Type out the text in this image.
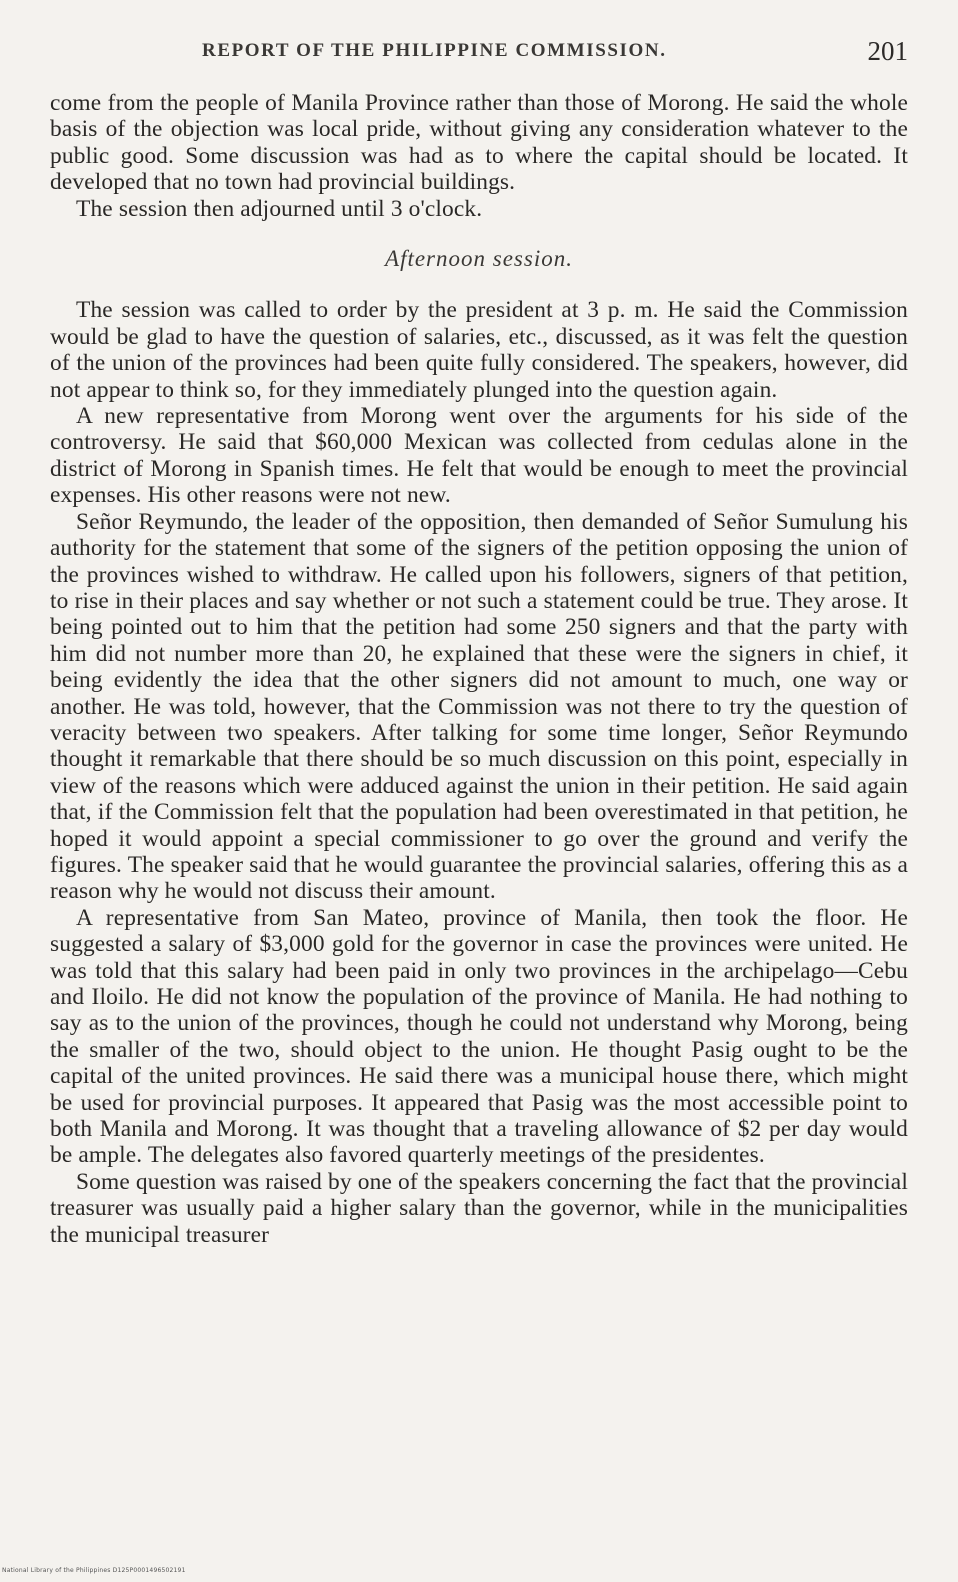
REPORT OF THE PHILIPPINE COMMISSION.	201

come from the people of Manila Province rather than those of Morong. He said the whole basis of the objection was local pride, without giving any consideration whatever to the public good. Some discussion was had as to where the capital should be located. It developed that no town had provincial buildings.

The session then adjourned until 3 o'clock.

Afternoon session.

The session was called to order by the president at 3 p. m. He said the Commission would be glad to have the question of salaries, etc., discussed, as it was felt the question of the union of the provinces had been quite fully considered. The speakers, however, did not appear to think so, for they immediately plunged into the question again.

A new representative from Morong went over the arguments for his side of the controversy. He said that $60,000 Mexican was collected from cedulas alone in the district of Morong in Spanish times. He felt that would be enough to meet the provincial expenses. His other reasons were not new.

Señor Reymundo, the leader of the opposition, then demanded of Señor Sumulung his authority for the statement that some of the signers of the petition opposing the union of the provinces wished to withdraw. He called upon his followers, signers of that petition, to rise in their places and say whether or not such a statement could be true. They arose. It being pointed out to him that the petition had some 250 signers and that the party with him did not number more than 20, he explained that these were the signers in chief, it being evidently the idea that the other signers did not amount to much, one way or another. He was told, however, that the Commission was not there to try the question of veracity between two speakers. After talking for some time longer, Señor Reymundo thought it remarkable that there should be so much discussion on this point, especially in view of the reasons which were adduced against the union in their petition. He said again that, if the Commission felt that the population had been overestimated in that petition, he hoped it would appoint a special commissioner to go over the ground and verify the figures. The speaker said that he would guarantee the provincial salaries, offering this as a reason why he would not discuss their amount.

A representative from San Mateo, province of Manila, then took the floor. He suggested a salary of $3,000 gold for the governor in case the provinces were united. He was told that this salary had been paid in only two provinces in the archipelago—Cebu and Iloilo. He did not know the population of the province of Manila. He had nothing to say as to the union of the provinces, though he could not understand why Morong, being the smaller of the two, should object to the union. He thought Pasig ought to be the capital of the united provinces. He said there was a municipal house there, which might be used for provincial purposes. It appeared that Pasig was the most accessible point to both Manila and Morong. It was thought that a traveling allowance of $2 per day would be ample. The delegates also favored quarterly meetings of the presidentes.

Some question was raised by one of the speakers concerning the fact that the provincial treasurer was usually paid a higher salary than the governor, while in the municipalities the municipal treasurer

National Library of the Philippines D125P0001496502191
